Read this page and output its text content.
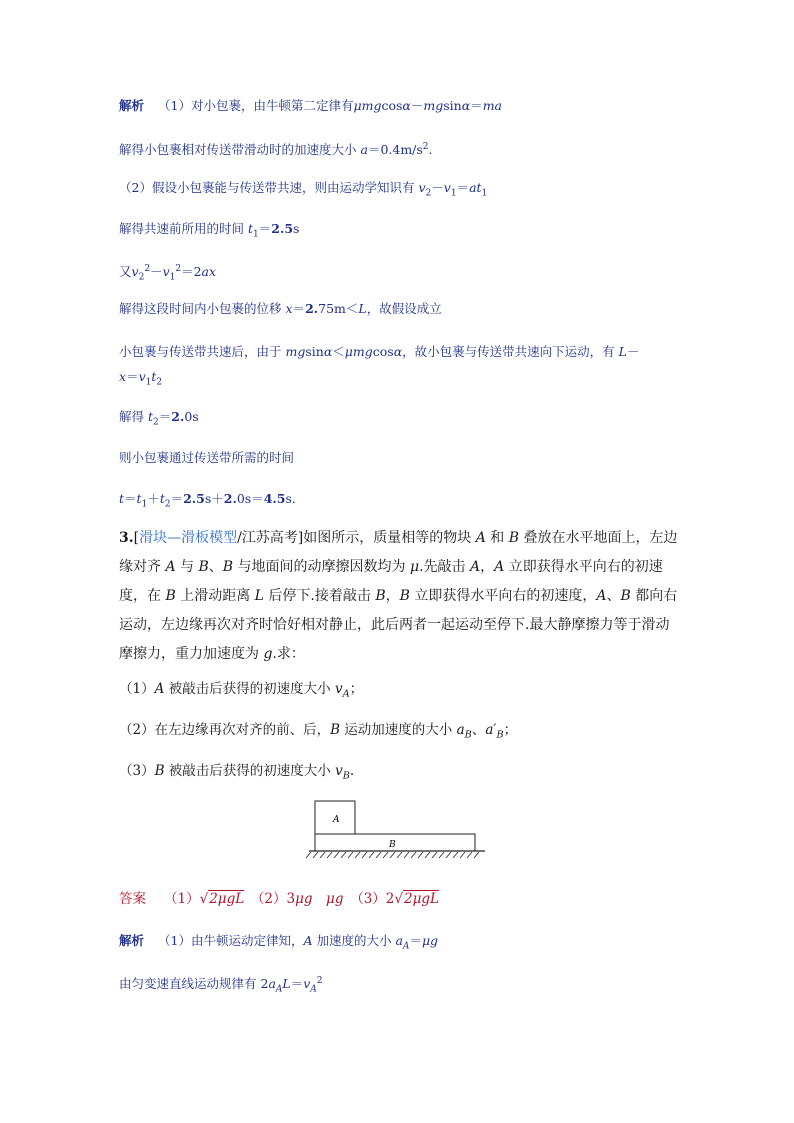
解析 （1）对小包裹，由牛顿第二定律有μmgcosα－mgsinα＝ma
解得小包裹相对传送带滑动时的加速度大小 $a=0.4m/s^2$.
（2）假设小包裹能与传送带共速，则由运动学知识有 $v_2-v_1=at_1$
解得共速前所用的时间 $t_1=2.5s$
又$v_2^2-v_1^2=2ax$
解得这段时间内小包裹的位移 x＝2.75m＜L，故假设成立
小包裹与传送带共速后，由于 mgsinα＜μmgcosα，故小包裹与传送带共速向下运动，有 L－
$x=v_1t_2$
解得 $t_2=2.0s$
则小包裹通过传送带所需的时间
$t=t_1+t_2=2.5s+2.0s=4.5s$.
3.[滑块—滑板模型/江苏高考]如图所示，质量相等的物块 A 和 B 叠放在水平地面上，左边缘对齐 A 与 B、B 与地面间的动摩擦因数均为 μ.先敲击 A，A 立即获得水平向右的初速度，在 B 上滑动距离 L 后停下.接着敲击 B，B 立即获得水平向右的初速度，A、B 都向右运动，左边缘再次对齐时恰好相对静止，此后两者一起运动至停下.最大静摩擦力等于滑动摩擦力，重力加速度为 g.求：
（1）A 被敲击后获得的初速度大小 $v_A$；
（2）在左边缘再次对齐的前、后，B 运动加速度的大小 $a_B$、$a'_B$；
（3）B 被敲击后获得的初速度大小 $v_B$.
A
B
答案 （1）√2μgL　（2）3μg　 μg　（3）2√2μgL
解析 （1）由牛顿运动定律知，A 加速度的大小 $a_A=\mu g$
由匀变速直线运动规律有 $2a_AL=v_A^2$
